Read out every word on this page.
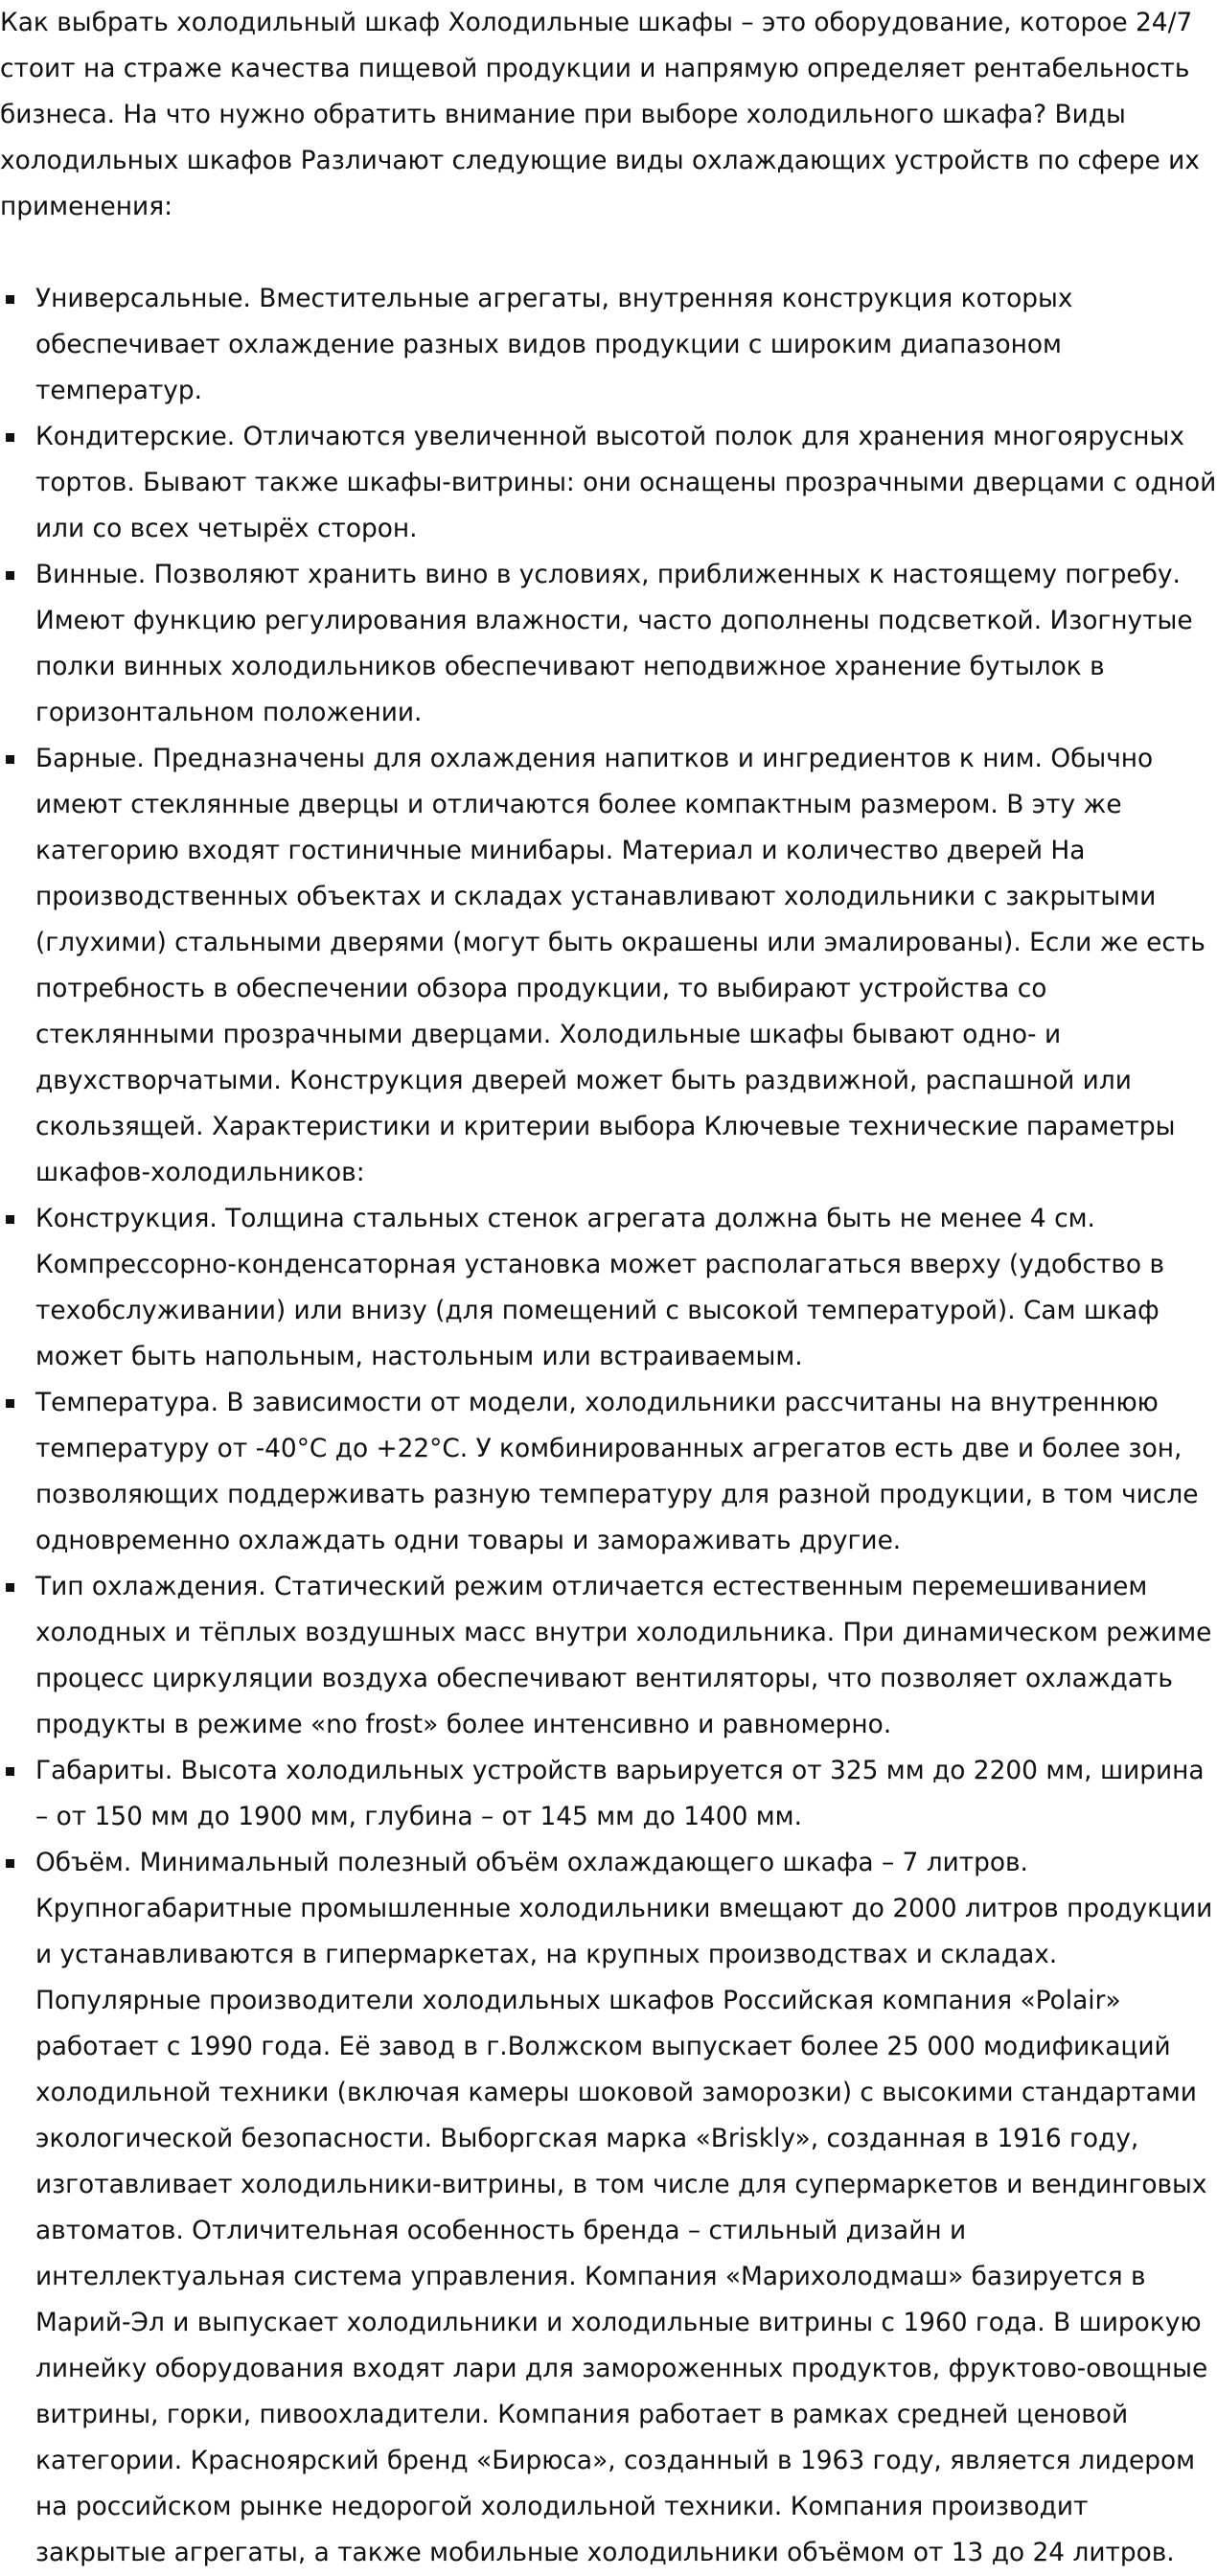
Как выбрать холодильный шкаф Холодильные шкафы – это оборудование, которое 24/7 стоит на страже качества пищевой продукции и напрямую определяет рентабельность бизнеса. На что нужно обратить внимание при выборе холодильного шкафа? Виды холодильных шкафов Различают следующие виды охлаждающих устройств по сфере их применения:

Универсальные. Вместительные агрегаты, внутренняя конструкция которых обеспечивает охлаждение разных видов продукции с широким диапазоном температур.
Кондитерские. Отличаются увеличенной высотой полок для хранения многоярусных тортов. Бывают также шкафы-витрины: они оснащены прозрачными дверцами с одной или со всех четырёх сторон.
Винные. Позволяют хранить вино в условиях, приближенных к настоящему погребу. Имеют функцию регулирования влажности, часто дополнены подсветкой. Изогнутые полки винных холодильников обеспечивают неподвижное хранение бутылок в горизонтальном положении.
Барные. Предназначены для охлаждения напитков и ингредиентов к ним. Обычно имеют стеклянные дверцы и отличаются более компактным размером. В эту же категорию входят гостиничные минибары. Материал и количество дверей На производственных объектах и складах устанавливают холодильники с закрытыми (глухими) стальными дверями (могут быть окрашены или эмалированы). Если же есть потребность в обеспечении обзора продукции, то выбирают устройства со стеклянными прозрачными дверцами. Холодильные шкафы бывают одно- и двухстворчатыми. Конструкция дверей может быть раздвижной, распашной или скользящей. Характеристики и критерии выбора Ключевые технические параметры шкафов-холодильников:
Конструкция. Толщина стальных стенок агрегата должна быть не менее 4 см. Компрессорно-конденсаторная установка может располагаться вверху (удобство в техобслуживании) или внизу (для помещений с высокой температурой). Сам шкаф может быть напольным, настольным или встраиваемым.
Температура. В зависимости от модели, холодильники рассчитаны на внутреннюю температуру от -40°C до +22°C. У комбинированных агрегатов есть две и более зон, позволяющих поддерживать разную температуру для разной продукции, в том числе одновременно охлаждать одни товары и замораживать другие.
Тип охлаждения. Статический режим отличается естественным перемешиванием холодных и тёплых воздушных масс внутри холодильника. При динамическом режиме процесс циркуляции воздуха обеспечивают вентиляторы, что позволяет охлаждать продукты в режиме «no frost» более интенсивно и равномерно.
Габариты. Высота холодильных устройств варьируется от 325 мм до 2200 мм, ширина – от 150 мм до 1900 мм, глубина – от 145 мм до 1400 мм.
Объём. Минимальный полезный объём охлаждающего шкафа – 7 литров. Крупногабаритные промышленные холодильники вмещают до 2000 литров продукции и устанавливаются в гипермаркетах, на крупных производствах и складах. Популярные производители холодильных шкафов Российская компания «Polair» работает с 1990 года. Её завод в г.Волжском выпускает более 25 000 модификаций холодильной техники (включая камеры шоковой заморозки) с высокими стандартами экологической безопасности. Выборгская марка «Briskly», созданная в 1916 году, изготавливает холодильники-витрины, в том числе для супермаркетов и вендинговых автоматов. Отличительная особенность бренда – стильный дизайн и интеллектуальная система управления. Компания «Марихолодмаш» базируется в Марий-Эл и выпускает холодильники и холодильные витрины с 1960 года. В широкую линейку оборудования входят лари для замороженных продуктов, фруктово-овощные витрины, горки, пивоохладители. Компания работает в рамках средней ценовой категории. Красноярский бренд «Бирюса», созданный в 1963 году, является лидером на российском рынке недорогой холодильной техники. Компания производит закрытые агрегаты, а также мобильные холодильники объёмом от 13 до 24 литров.
